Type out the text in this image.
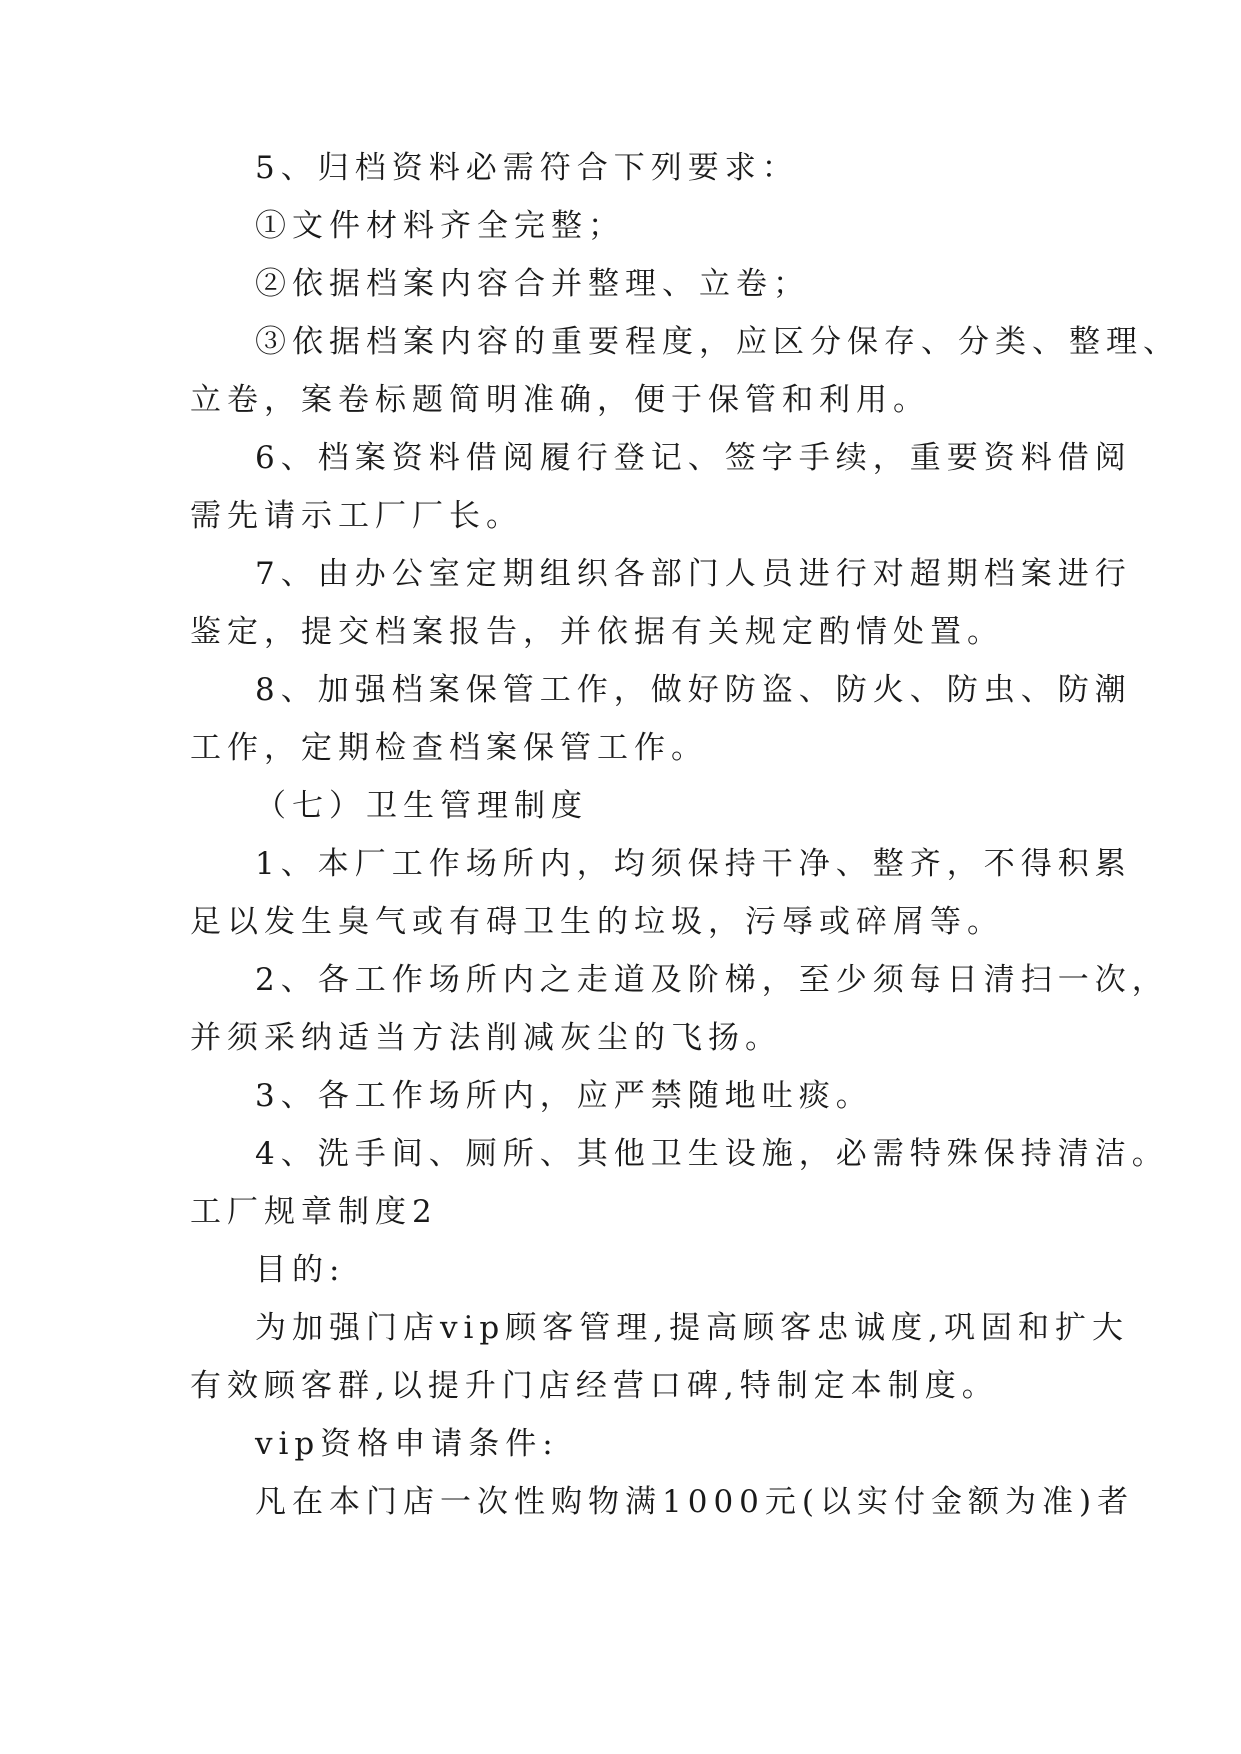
5、归档资料必需符合下列要求：
①文件材料齐全完整；
②依据档案内容合并整理、立卷；
③依据档案内容的重要程度，应区分保存、分类、整理、
立卷，案卷标题简明准确，便于保管和利用。
6、档案资料借阅履行登记、签字手续，重要资料借阅
需先请示工厂厂长。
7、由办公室定期组织各部门人员进行对超期档案进行
鉴定，提交档案报告，并依据有关规定酌情处置。
8、加强档案保管工作，做好防盗、防火、防虫、防潮
工作，定期检查档案保管工作。
（七）卫生管理制度
1、本厂工作场所内，均须保持干净、整齐，不得积累
足以发生臭气或有碍卫生的垃圾，污辱或碎屑等。
2、各工作场所内之走道及阶梯，至少须每日清扫一次，
并须采纳适当方法削减灰尘的飞扬。
3、各工作场所内，应严禁随地吐痰。
4、洗手间、厕所、其他卫生设施，必需特殊保持清洁。
工厂规章制度2
目的:
为加强门店vip顾客管理,提高顾客忠诚度,巩固和扩大
有效顾客群,以提升门店经营口碑,特制定本制度。
vip资格申请条件:
凡在本门店一次性购物满1000元(以实付金额为准)者
